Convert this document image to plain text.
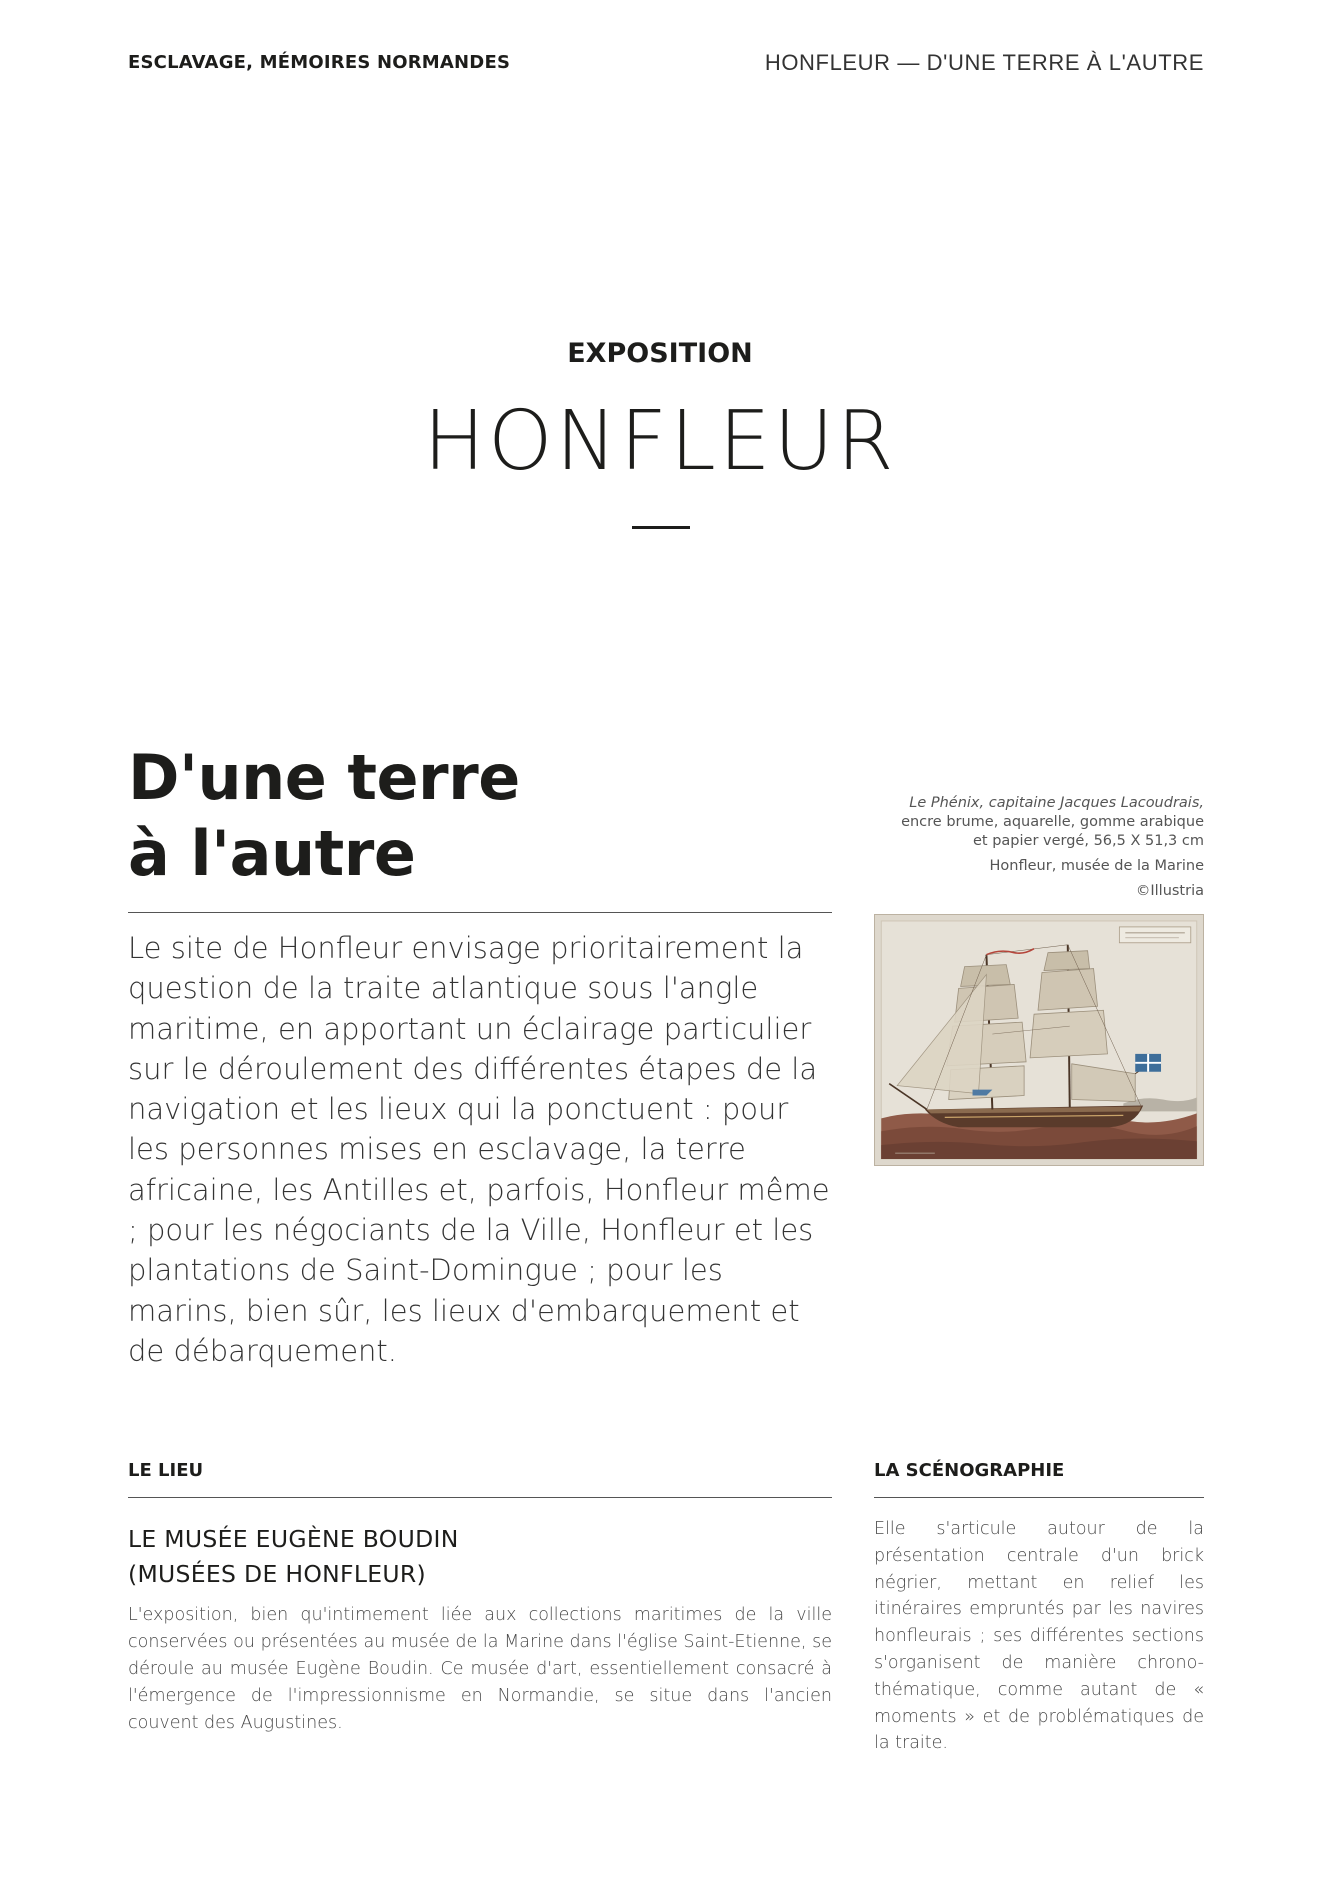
ESCLAVAGE, MÉMOIRES NORMANDES	HONFLEUR — D'UNE TERRE À L'AUTRE
EXPOSITION
HONFLEUR
D'une terre
à l'autre

Le site de Honfleur envisage prioritairement la question de la traite atlantique sous l'angle maritime, en apportant un éclairage particulier sur le déroulement des différentes étapes de la navigation et les lieux qui la ponctuent : pour les personnes mises en esclavage, la terre africaine, les Antilles et, parfois, Honfleur même ; pour les négociants de la Ville, Honfleur et les plantations de Saint-Domingue ; pour les marins, bien sûr, les lieux d'embarquement et de débarquement.

Le Phénix, capitaine Jacques Lacoudrais,
encre brume, aquarelle, gomme arabique
et papier vergé, 56,5 X 51,3 cm
Honfleur, musée de la Marine
©Illustria
LE LIEU	LA SCÉNOGRAPHIE
LE MUSÉE EUGÈNE BOUDIN
(MUSÉES DE HONFLEUR)

L'exposition, bien qu'intimement liée aux collections maritimes de la ville conservées ou présentées au musée de la Marine dans l'église Saint-Etienne, se déroule au musée Eugène Boudin. Ce musée d'art, essentiellement consacré à l'émergence de l'impressionnisme en Normandie, se situe dans l'ancien couvent des Augustines.

Elle s'articule autour de la présentation centrale d'un brick négrier, mettant en relief les itinéraires empruntés par les navires honfleurais ; ses différentes sections s'organisent de manière chrono-thématique, comme autant de « moments » et de problématiques de la traite.
